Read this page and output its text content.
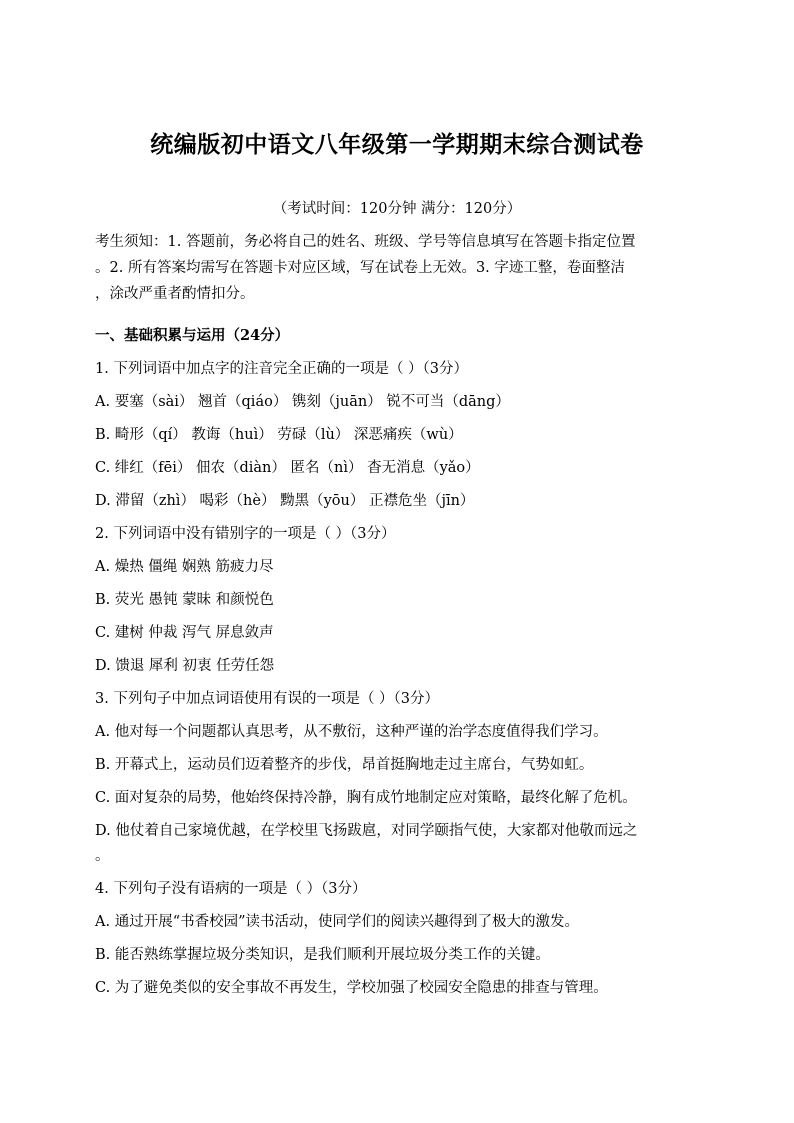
统编版初中语文八年级第一学期期末综合测试卷
（考试时间：120分钟 满分：120分）
考生须知：1. 答题前，务必将自己的姓名、班级、学号等信息填写在答题卡指定位置
。2. 所有答案均需写在答题卡对应区域，写在试卷上无效。3. 字迹工整，卷面整洁
，涂改严重者酌情扣分。
一、基础积累与运用（24分）
1. 下列词语中加点字的注音完全正确的一项是（ ）（3分）
A. 要塞（sài） 翘首（qiáo） 镌刻（juān） 锐不可当（dāng）
B. 畸形（qí） 教诲（huì） 劳碌（lù） 深恶痛疾（wù）
C. 绯红（fēi） 佃农（diàn） 匿名（nì） 杳无消息（yǎo）
D. 滞留（zhì） 喝彩（hè） 黝黑（yōu） 正襟危坐（jīn）
2. 下列词语中没有错别字的一项是（ ）（3分）
A. 燥热 僵绳 娴熟 筋疲力尽
B. 荧光 愚钝 蒙昧 和颜悦色
C. 建树 仲裁 泻气 屏息敛声
D. 馈退 犀利 初衷 任劳任怨
3. 下列句子中加点词语使用有误的一项是（ ）（3分）
A. 他对每一个问题都认真思考，从不敷衍，这种严谨的治学态度值得我们学习。
B. 开幕式上，运动员们迈着整齐的步伐，昂首挺胸地走过主席台，气势如虹。
C. 面对复杂的局势，他始终保持冷静，胸有成竹地制定应对策略，最终化解了危机。
D. 他仗着自己家境优越，在学校里飞扬跋扈，对同学颐指气使，大家都对他敬而远之
。
4. 下列句子没有语病的一项是（ ）（3分）
A. 通过开展“书香校园”读书活动，使同学们的阅读兴趣得到了极大的激发。
B. 能否熟练掌握垃圾分类知识，是我们顺利开展垃圾分类工作的关键。
C. 为了避免类似的安全事故不再发生，学校加强了校园安全隐患的排查与管理。
